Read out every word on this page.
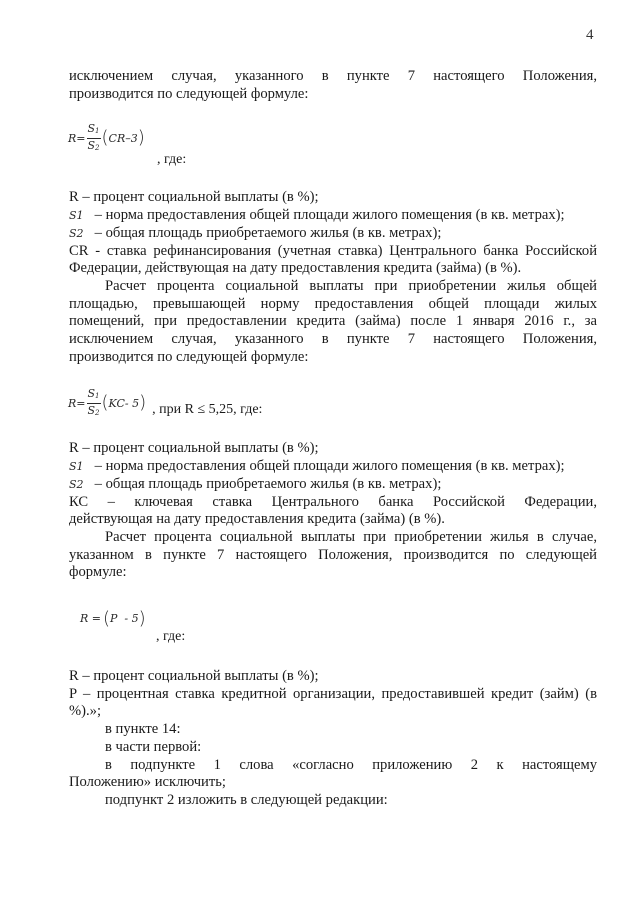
4
исключением случая, указанного в пункте 7 настоящего Положения,
производится по следующей формуле:
$R= \frac{S_1}{S_2}$ ( CR–3 )
, где:
R – процент социальной выплаты (в %);
S1 – норма предоставления общей площади жилого помещения (в кв. метрах);
S2 – общая площадь приобретаемого жилья (в кв. метрах);
CR - ставка рефинансирования (учетная ставка) Центрального банка Российской
Федерации, действующая на дату предоставления кредита (займа) (в %).
Расчет процента социальной выплаты при приобретении жилья общей
площадью, превышающей норму предоставления общей площади жилых
помещений, при предоставлении кредита (займа) после 1 января 2016 г., за
исключением случая, указанного в пункте 7 настоящего Положения,
производится по следующей формуле:
$R= \frac{S_1}{S_2}$ ( KC- 5 ) , при R ≤ 5,25, где:
R – процент социальной выплаты (в %);
S1 – норма предоставления общей площади жилого помещения (в кв. метрах);
S2 – общая площадь приобретаемого жилья (в кв. метрах);
КС – ключевая ставка Центрального банка Российской Федерации,
действующая на дату предоставления кредита (займа) (в %).
Расчет процента социальной выплаты при приобретении жилья в случае,
указанном в пункте 7 настоящего Положения, производится по следующей
формуле:
R = ( P  - 5 )
, где:
R – процент социальной выплаты (в %);
P – процентная ставка кредитной организации, предоставившей кредит (займ) (в
%).»;
в пункте 14:
в части первой:
в подпункте 1 слова «согласно приложению 2 к настоящему
Положению» исключить;
подпункт 2 изложить в следующей редакции:
